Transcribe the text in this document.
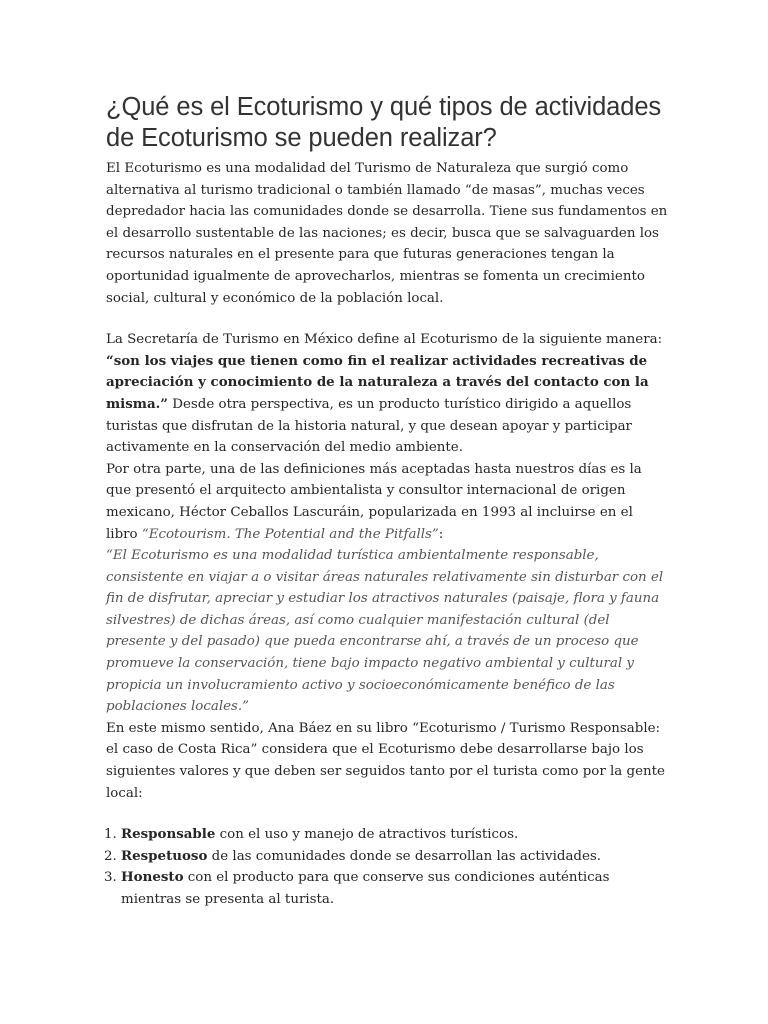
¿Qué es el Ecoturismo y qué tipos de actividades de Ecoturismo se pueden realizar?

El Ecoturismo es una modalidad del Turismo de Naturaleza que surgió como alternativa al turismo tradicional o también llamado “de masas”, muchas veces depredador hacia las comunidades donde se desarrolla. Tiene sus fundamentos en el desarrollo sustentable de las naciones; es decir, busca que se salvaguarden los recursos naturales en el presente para que futuras generaciones tengan la oportunidad igualmente de aprovecharlos, mientras se fomenta un crecimiento social, cultural y económico de la población local.

La Secretaría de Turismo en México define al Ecoturismo de la siguiente manera: “son los viajes que tienen como fin el realizar actividades recreativas de apreciación y conocimiento de la naturaleza a través del contacto con la misma.” Desde otra perspectiva, es un producto turístico dirigido a aquellos turistas que disfrutan de la historia natural, y que desean apoyar y participar activamente en la conservación del medio ambiente.

Por otra parte, una de las definiciones más aceptadas hasta nuestros días es la que presentó el arquitecto ambientalista y consultor internacional de origen mexicano, Héctor Ceballos Lascuráin, popularizada en 1993 al incluirse en el libro “Ecotourism. The Potential and the Pitfalls”:

“El Ecoturismo es una modalidad turística ambientalmente responsable, consistente en viajar a o visitar áreas naturales relativamente sin disturbar con el fin de disfrutar, apreciar y estudiar los atractivos naturales (paisaje, flora y fauna silvestres) de dichas áreas, así como cualquier manifestación cultural (del presente y del pasado) que pueda encontrarse ahí, a través de un proceso que promueve la conservación, tiene bajo impacto negativo ambiental y cultural y propicia un involucramiento activo y socioeconómicamente benéfico de las poblaciones locales.”

En este mismo sentido, Ana Báez en su libro “Ecoturismo / Turismo Responsable: el caso de Costa Rica” considera que el Ecoturismo debe desarrollarse bajo los siguientes valores y que deben ser seguidos tanto por el turista como por la gente local:

1. Responsable con el uso y manejo de atractivos turísticos.
2. Respetuoso de las comunidades donde se desarrollan las actividades.
3. Honesto con el producto para que conserve sus condiciones auténticas mientras se presenta al turista.
